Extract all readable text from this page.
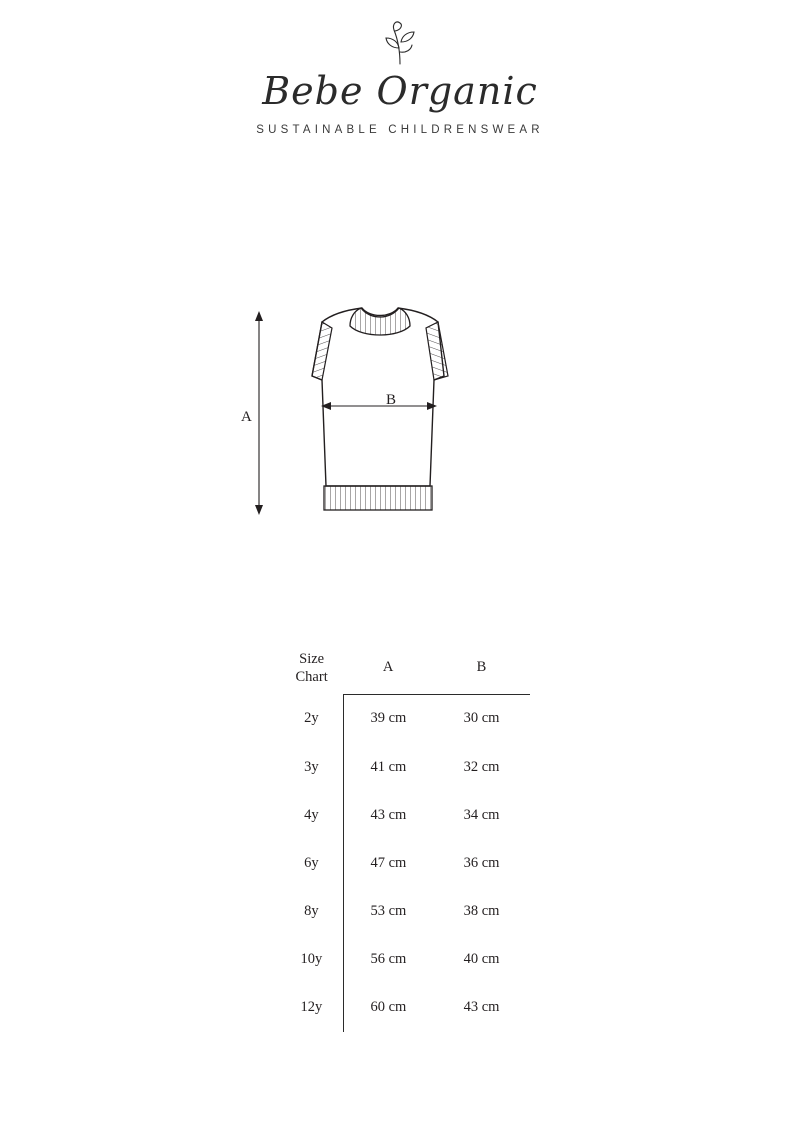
Bebe Organic
SUSTAINABLE CHILDRENSWEAR
A
B
Size
Chart	A	B
2y	39 cm	30 cm
3y	41 cm	32 cm
4y	43 cm	34 cm
6y	47 cm	36 cm
8y	53 cm	38 cm
10y	56 cm	40 cm
12y	60 cm	43 cm
